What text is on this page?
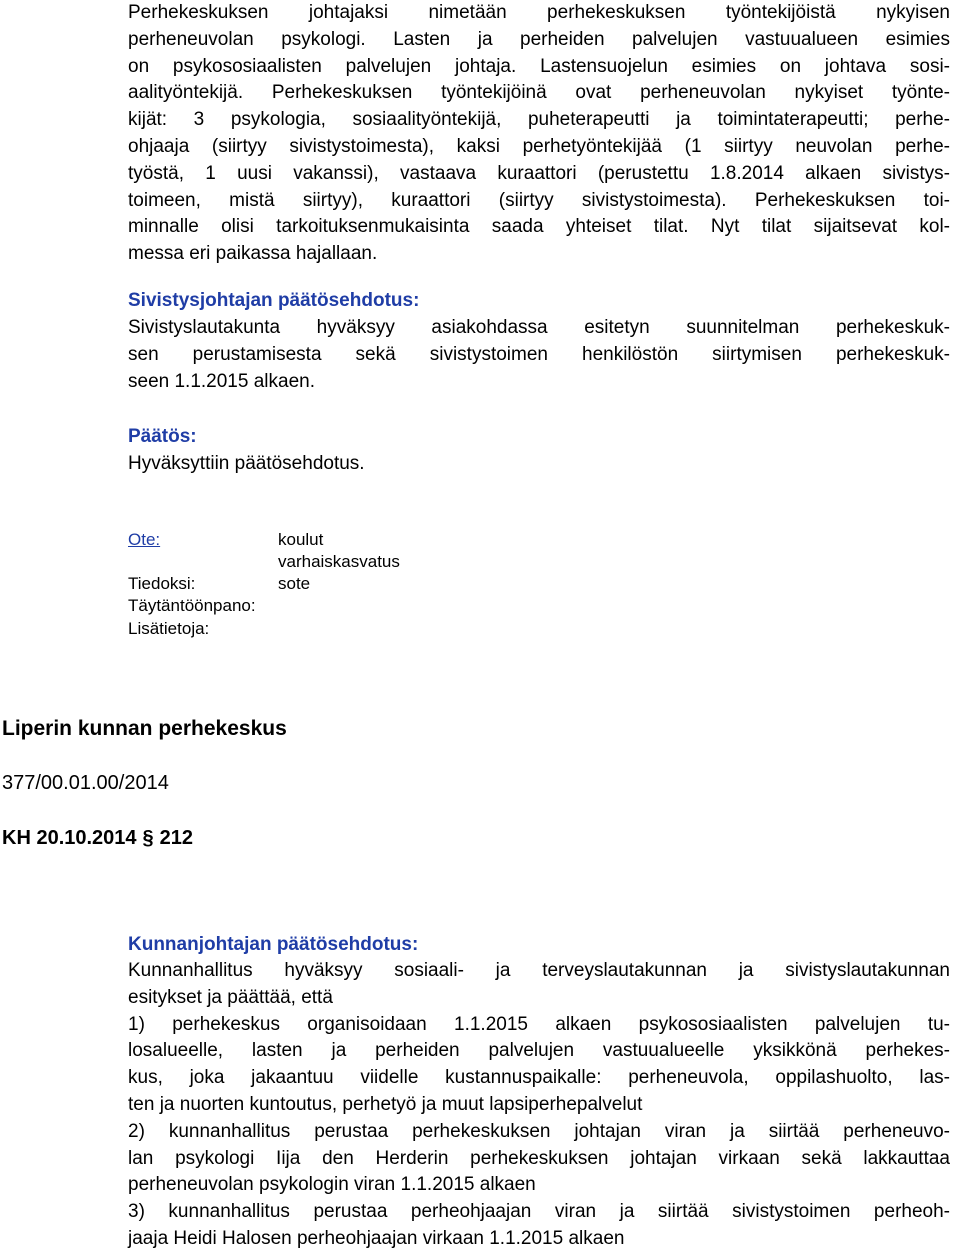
Perhekeskuksen johtajaksi nimetään perhekeskuksen työntekijöistä nykyisen
perheneuvolan psykologi. Lasten ja perheiden palvelujen vastuualueen esimies
on psykososiaalisten palvelujen johtaja. Lastensuojelun esimies on johtava sosi-
aalityöntekijä. Perhekeskuksen työntekijöinä ovat perheneuvolan nykyiset työnte-
kijät: 3 psykologia, sosiaalityöntekijä, puheterapeutti ja toimintaterapeutti; perhe-
ohjaaja (siirtyy sivistystoimesta), kaksi perhetyöntekijää (1 siirtyy neuvolan perhe-
työstä, 1 uusi vakanssi), vastaava kuraattori (perustettu 1.8.2014 alkaen sivistys-
toimeen, mistä siirtyy), kuraattori (siirtyy sivistystoimesta). Perhekeskuksen toi-
minnalle olisi tarkoituksenmukaisinta saada yhteiset tilat. Nyt tilat sijaitsevat kol-
messa eri paikassa hajallaan.
Sivistysjohtajan päätösehdotus:
Sivistyslautakunta hyväksyy asiakohdassa esitetyn suunnitelman perhekeskuk-
sen perustamisesta sekä sivistystoimen henkilöstön siirtymisen perhekeskuk-
seen 1.1.2015 alkaen.
Päätös:

Hyväksyttiin päätösehdotus.

Ote:	koulut
varhaiskasvatus
Tiedoksi:	sote
Täytäntöönpano:
Lisätietoja:
Liperin kunnan perhekeskus
377/00.01.00/2014
KH 20.10.2014 § 212
Kunnanjohtajan päätösehdotus:
Kunnanhallitus hyväksyy sosiaali- ja terveyslautakunnan ja sivistyslautakunnan
esitykset ja päättää, että
1) perhekeskus organisoidaan 1.1.2015 alkaen psykososiaalisten palvelujen tu-
losalueelle, lasten ja perheiden palvelujen vastuualueelle yksikkönä perhekes-
kus, joka jakaantuu viidelle kustannuspaikalle: perheneuvola, oppilashuolto, las-
ten ja nuorten kuntoutus, perhetyö ja muut lapsiperhepalvelut
2) kunnanhallitus perustaa perhekeskuksen johtajan viran ja siirtää perheneuvo-
lan psykologi Iija den Herderin perhekeskuksen johtajan virkaan sekä lakkauttaa
perheneuvolan psykologin viran 1.1.2015 alkaen
3) kunnanhallitus perustaa perheohjaajan viran ja siirtää sivistystoimen perheoh-
jaaja Heidi Halosen perheohjaajan virkaan 1.1.2015 alkaen
